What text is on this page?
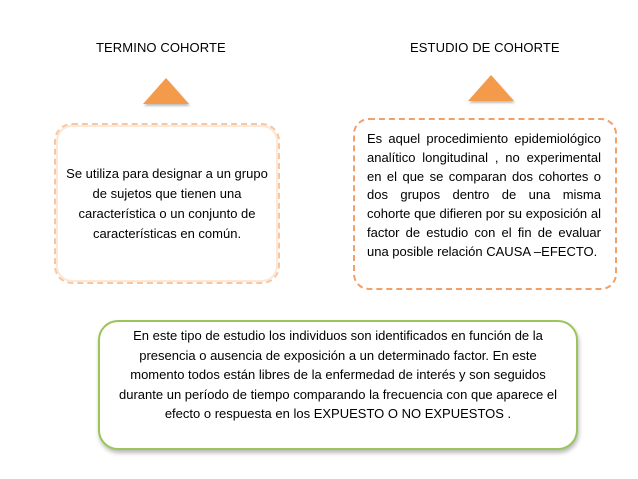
TERMINO COHORTE	ESTUDIO DE COHORTE
Se utiliza para designar a un grupo de sujetos que tienen una característica o un conjunto de características en común.
Es aquel procedimiento epidemiológico analítico longitudinal , no experimental en el que se comparan dos cohortes o dos grupos dentro de una misma cohorte que difieren por su exposición al factor de estudio con el fin de evaluar una posible relación CAUSA –EFECTO.
En este tipo de estudio los individuos son identificados en función de la presencia o ausencia de exposición a un determinado factor. En este momento todos están libres de la enfermedad de interés y son seguidos durante un período de tiempo comparando la frecuencia con que aparece el efecto o respuesta en los EXPUESTO O NO EXPUESTOS .
